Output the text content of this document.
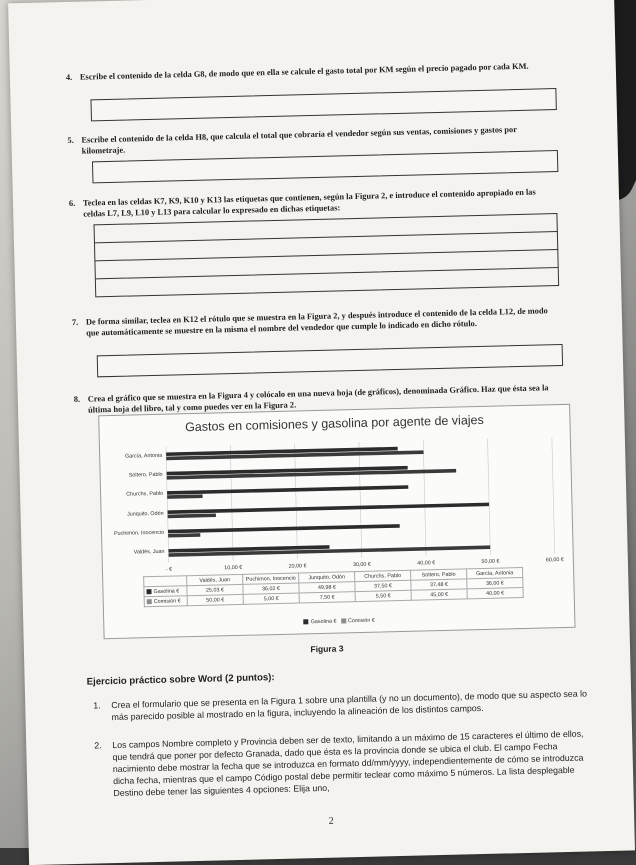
4. Escribe el contenido de la celda G8, de modo que en ella se calcule el gasto total por KM según el precio pagado por cada KM.
5. Escribe el contenido de la celda H8, que calcula el total que cobraría el vendedor según sus ventas, comisiones y gastos por kilometraje.
6. Teclea en las celdas K7, K9, K10 y K13 las etiquetas que contienen, según la Figura 2, e introduce el contenido apropiado en las celdas L7, L9, L10 y L13 para calcular lo expresado en dichas etiquetas:
7. De forma similar, teclea en K12 el rótulo que se muestra en la Figura 2, y después introduce el contenido de la celda L12, de modo que automáticamente se muestre en la misma el nombre del vendedor que cumple lo indicado en dicho rótulo.
8. Crea el gráfico que se muestra en la Figura 4 y colócalo en una nueva hoja (de gráficos), denominada Gráfico. Haz que ésta sea la última hoja del libro, tal y como puedes ver en la Figura 2.
Gastos en comisiones y gasolina por agente de viajes
Valdés, Juan
Puchimon, Inocencio
Junquito, Odón
Churchs, Pablo
Soltero, Pablo
García, Antonia
- €	10,00 €	20,00 €	30,00 €	40,00 €	50,00 €	60,00 €
	Valdés, Juan	Puchimon, Inocencio	Junquito, Odón	Churchs, Pablo	Soltero, Pablo	García, Antonia
Gasolina €	25,03 €	36,02 €	49,98 €	37,50 €	37,48 €	36,00 €
Comisión €	50,00 €	5,00 €	7,50 €	5,50 €	45,00 €	40,00 €
Gasolina € Comisión €
Figura 3
Ejercicio práctico sobre Word (2 puntos):
1. Crea el formulario que se presenta en la Figura 1 sobre una plantilla (y no un documento), de modo que su aspecto sea lo más parecido posible al mostrado en la figura, incluyendo la alineación de los distintos campos.
2. Los campos Nombre completo y Provincia deben ser de texto, limitando a un máximo de 15 caracteres el último de ellos, que tendrá que poner por defecto Granada, dado que ésta es la provincia donde se ubica el club. El campo Fecha nacimiento debe mostrar la fecha que se introduzca en formato dd/mm/yyyy, independientemente de cómo se introduzca dicha fecha, mientras que el campo Código postal debe permitir teclear como máximo 5 números. La lista desplegable Destino debe tener las siguientes 4 opciones: Elija uno,
2
